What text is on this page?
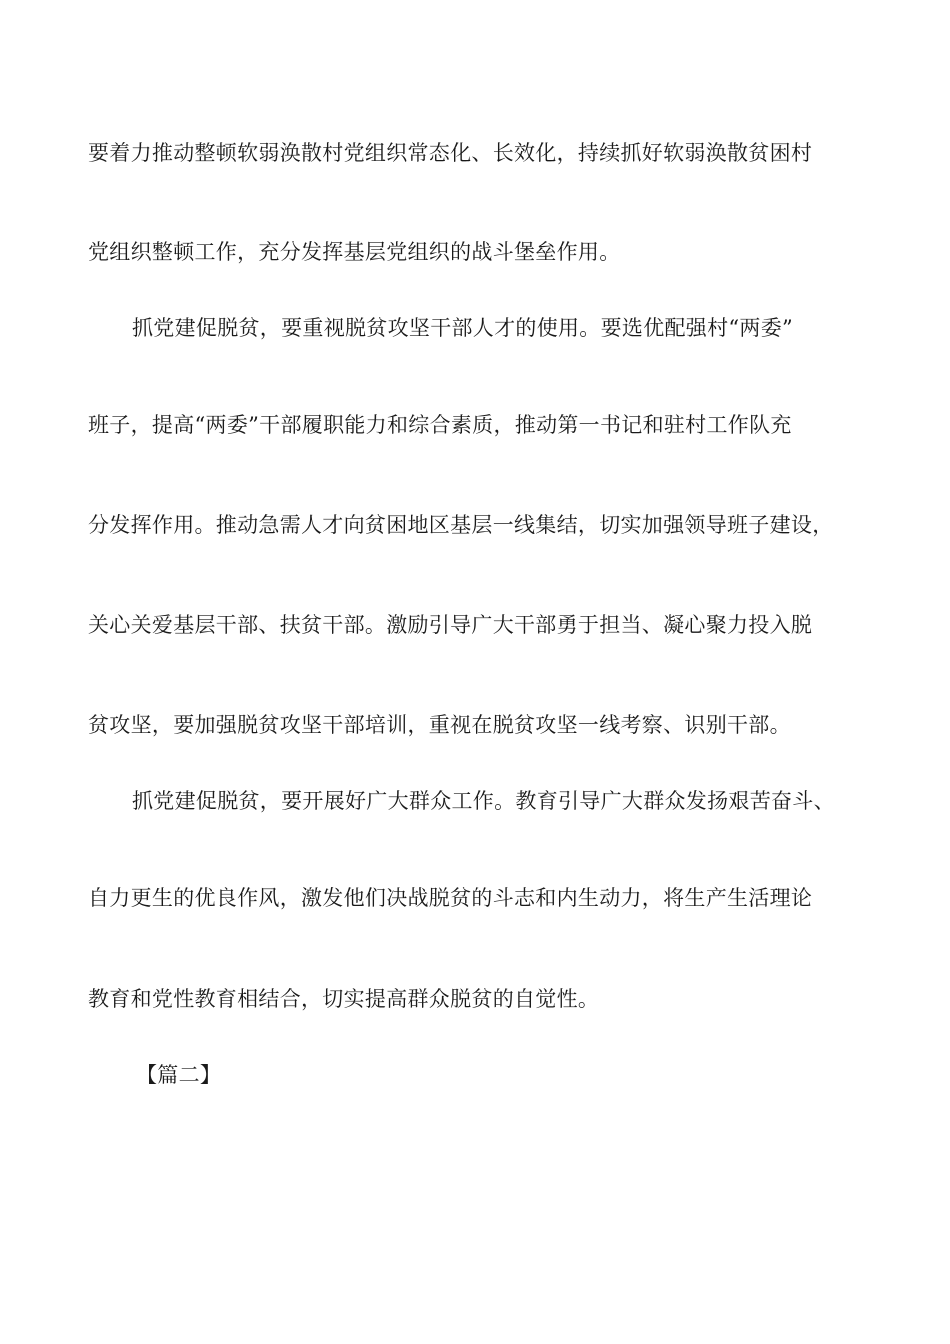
要着力推动整顿软弱涣散村党组织常态化、长效化，持续抓好软弱涣散贫困村
党组织整顿工作，充分发挥基层党组织的战斗堡垒作用。
抓党建促脱贫，要重视脱贫攻坚干部人才的使用。要选优配强村“两委”
班子，提高“两委”干部履职能力和综合素质，推动第一书记和驻村工作队充
分发挥作用。推动急需人才向贫困地区基层一线集结，切实加强领导班子建设，
关心关爱基层干部、扶贫干部。激励引导广大干部勇于担当、凝心聚力投入脱
贫攻坚，要加强脱贫攻坚干部培训，重视在脱贫攻坚一线考察、识别干部。
抓党建促脱贫，要开展好广大群众工作。教育引导广大群众发扬艰苦奋斗、
自力更生的优良作风，激发他们决战脱贫的斗志和内生动力，将生产生活理论
教育和党性教育相结合，切实提高群众脱贫的自觉性。
【篇二】
